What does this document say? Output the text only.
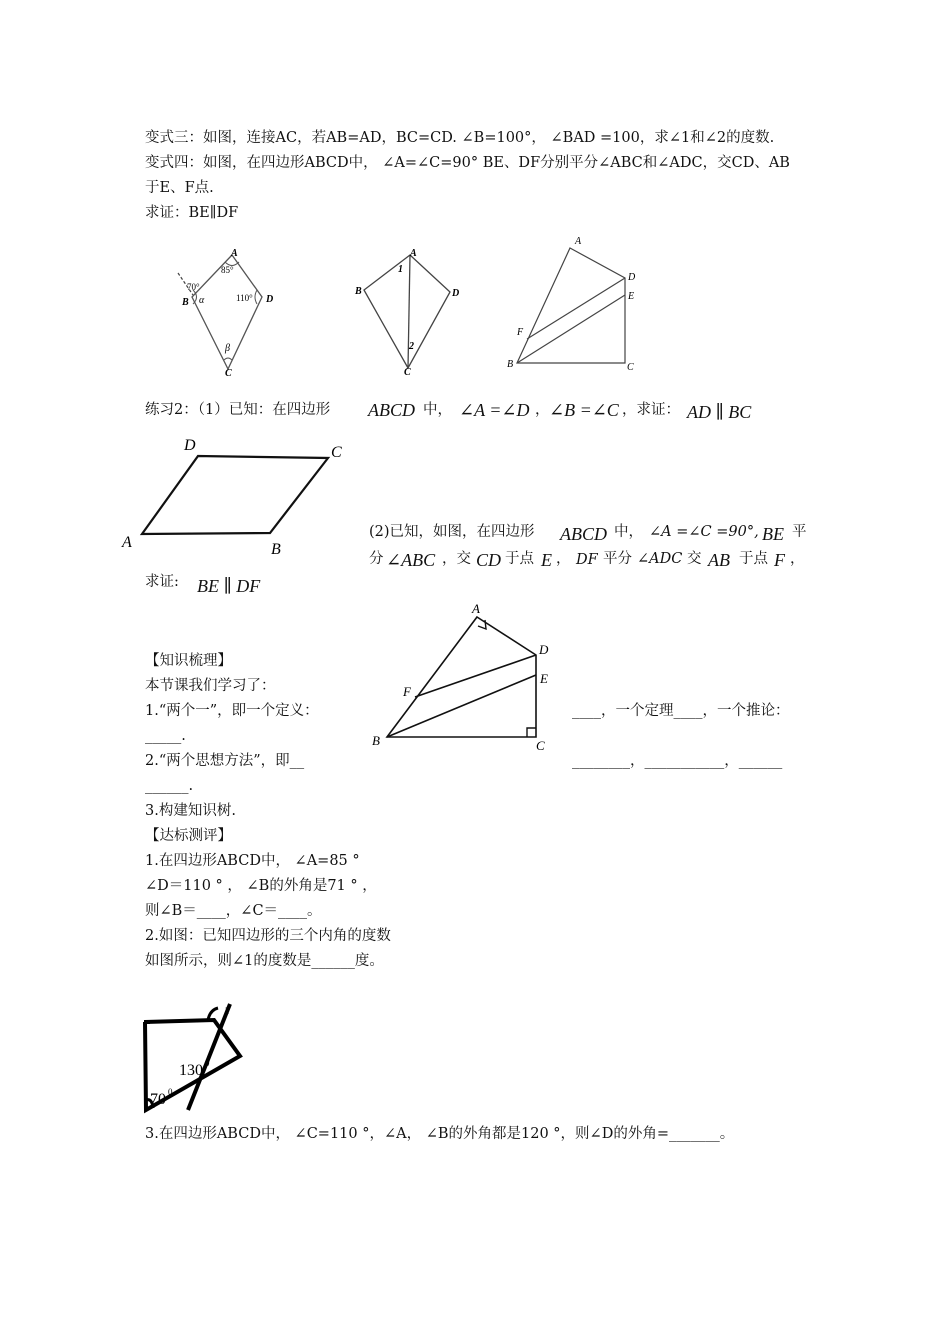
变式三：如图，连接AC，若AB=AD，BC=CD. ∠B=100°， ∠BAD =100，求∠1和∠2的度数.
变式四：如图，在四边形ABCD中， ∠A=∠C=90° BE、DF分别平分∠ABC和∠ADC，交CD、AB
于E、F点.
求证：BE∥DF
A
B
C
D
85°
70°
110°
α
β
A
B
C
D
1
2
A
B	C
D
E
F
练习2：（1）已知：在四边形 ABCD 中， ∠A =∠D ， ∠B =∠C ，求证： AD ∥ BC
D	C
A	B
(2)已知，如图，在四边形 ABCD 中， ∠A =∠C =90°, BE 平
分 ∠ABC ，交 CD 于点 E ， DF 平分 ∠ADC 交 AB 于点 F ，
求证: BE ∥ DF
A
B	C
D
E
F
【知识梳理】
本节课我们学习了：
1.“两个一”，即一个定义：	____，一个定理____，一个推论：
_____.
2.“两个思想方法”，即__	________，___________，______
______.
3.构建知识树.
【达标测评】
1.在四边形ABCD中， ∠A=85 °
∠D＝110 ° ， ∠B的外角是71 ° ，
则∠B＝____，∠C＝____。
2.如图：已知四边形的三个内角的度数
如图所示，则∠1的度数是______度。
1
130 0
70 0
3.在四边形ABCD中， ∠C=110 °，∠A， ∠B的外角都是120 °，则∠D的外角=_______。
